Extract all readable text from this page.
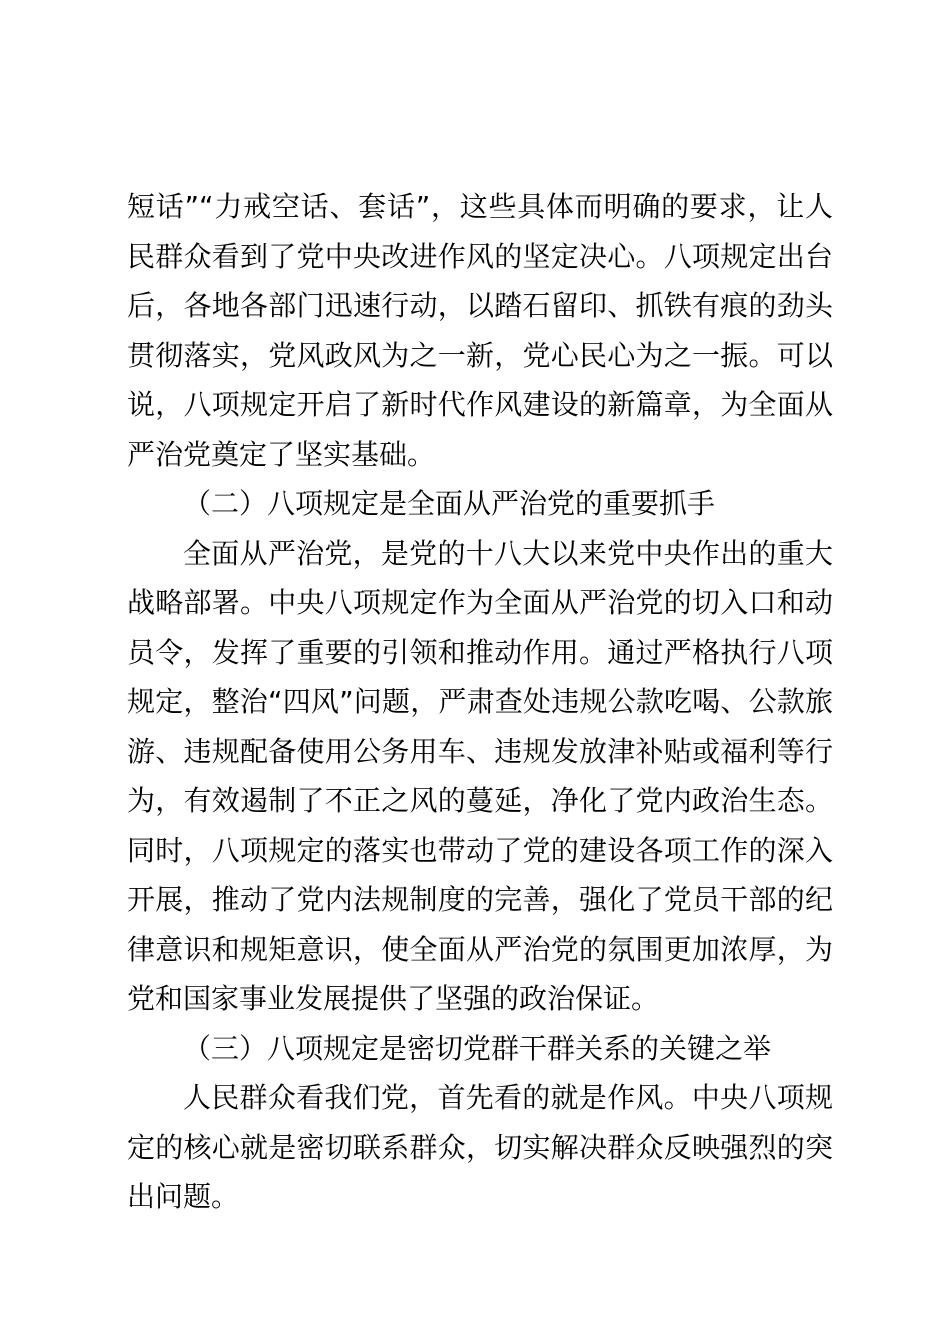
短话”“力戒空话、套话”，这些具体而明确的要求，让人民群众看到了党中央改进作风的坚定决心。八项规定出台后，各地各部门迅速行动，以踏石留印、抓铁有痕的劲头贯彻落实，党风政风为之一新，党心民心为之一振。可以说，八项规定开启了新时代作风建设的新篇章，为全面从严治党奠定了坚实基础。

（二）八项规定是全面从严治党的重要抓手

全面从严治党，是党的十八大以来党中央作出的重大战略部署。中央八项规定作为全面从严治党的切入口和动员令，发挥了重要的引领和推动作用。通过严格执行八项规定，整治“四风”问题，严肃查处违规公款吃喝、公款旅游、违规配备使用公务用车、违规发放津补贴或福利等行为，有效遏制了不正之风的蔓延，净化了党内政治生态。同时，八项规定的落实也带动了党的建设各项工作的深入开展，推动了党内法规制度的完善，强化了党员干部的纪律意识和规矩意识，使全面从严治党的氛围更加浓厚，为党和国家事业发展提供了坚强的政治保证。

（三）八项规定是密切党群干群关系的关键之举

人民群众看我们党，首先看的就是作风。中央八项规定的核心就是密切联系群众，切实解决群众反映强烈的突出问题。
